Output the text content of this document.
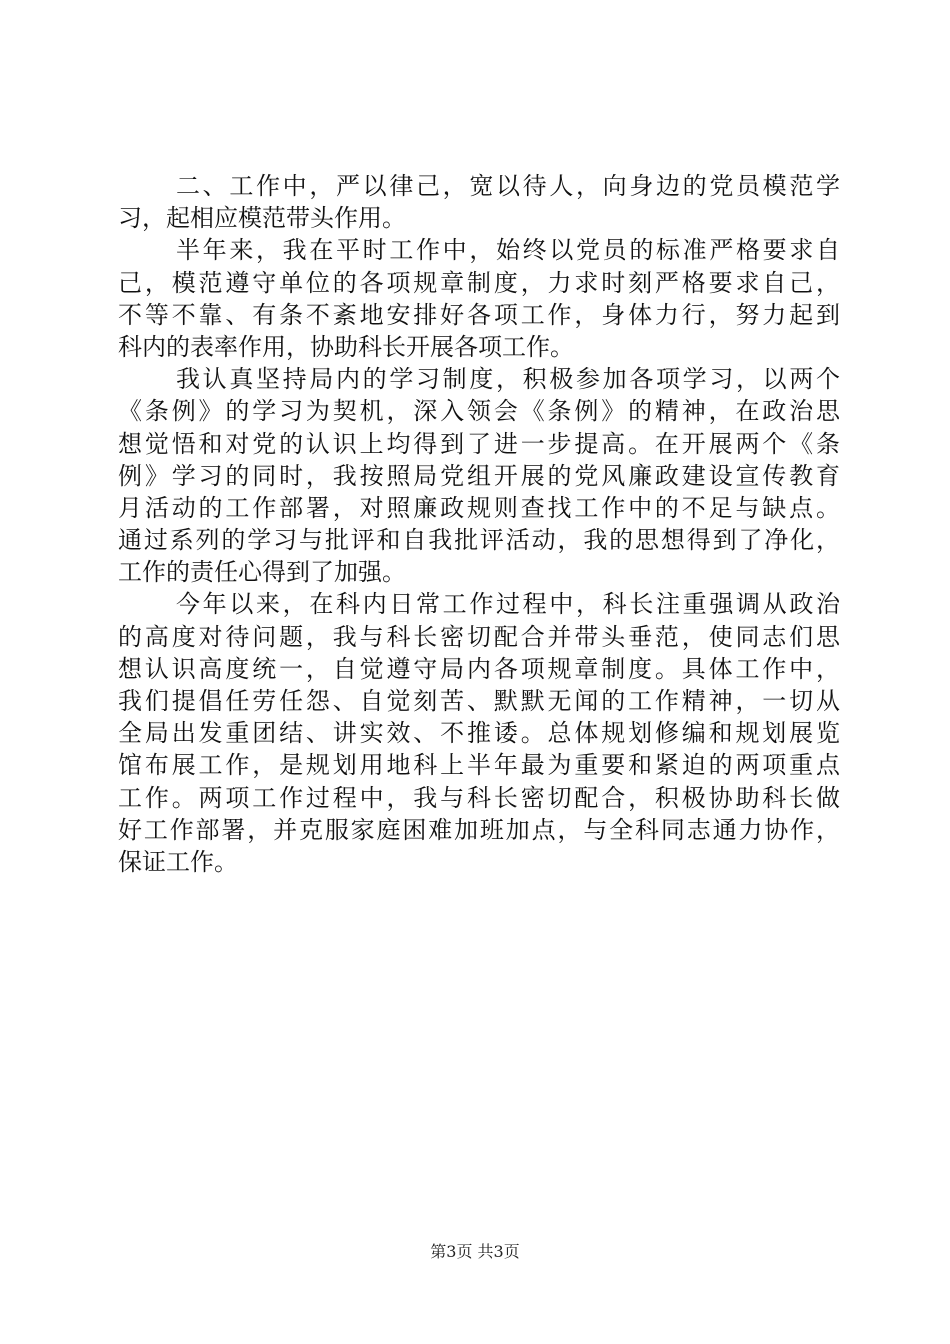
二、工作中，严以律己，宽以待人，向身边的党员模范学
习，起相应模范带头作用。
半年来，我在平时工作中，始终以党员的标准严格要求自
己，模范遵守单位的各项规章制度，力求时刻严格要求自己，
不等不靠、有条不紊地安排好各项工作，身体力行，努力起到
科内的表率作用，协助科长开展各项工作。
我认真坚持局内的学习制度，积极参加各项学习，以两个
《条例》的学习为契机，深入领会《条例》的精神，在政治思
想觉悟和对党的认识上均得到了进一步提高。在开展两个《条
例》学习的同时，我按照局党组开展的党风廉政建设宣传教育
月活动的工作部署，对照廉政规则查找工作中的不足与缺点。
通过系列的学习与批评和自我批评活动，我的思想得到了净化，
工作的责任心得到了加强。
今年以来，在科内日常工作过程中，科长注重强调从政治
的高度对待问题，我与科长密切配合并带头垂范，使同志们思
想认识高度统一，自觉遵守局内各项规章制度。具体工作中，
我们提倡任劳任怨、自觉刻苦、默默无闻的工作精神，一切从
全局出发重团结、讲实效、不推诿。总体规划修编和规划展览
馆布展工作，是规划用地科上半年最为重要和紧迫的两项重点
工作。两项工作过程中，我与科长密切配合，积极协助科长做
好工作部署，并克服家庭困难加班加点，与全科同志通力协作，
保证工作。
第3页 共3页
